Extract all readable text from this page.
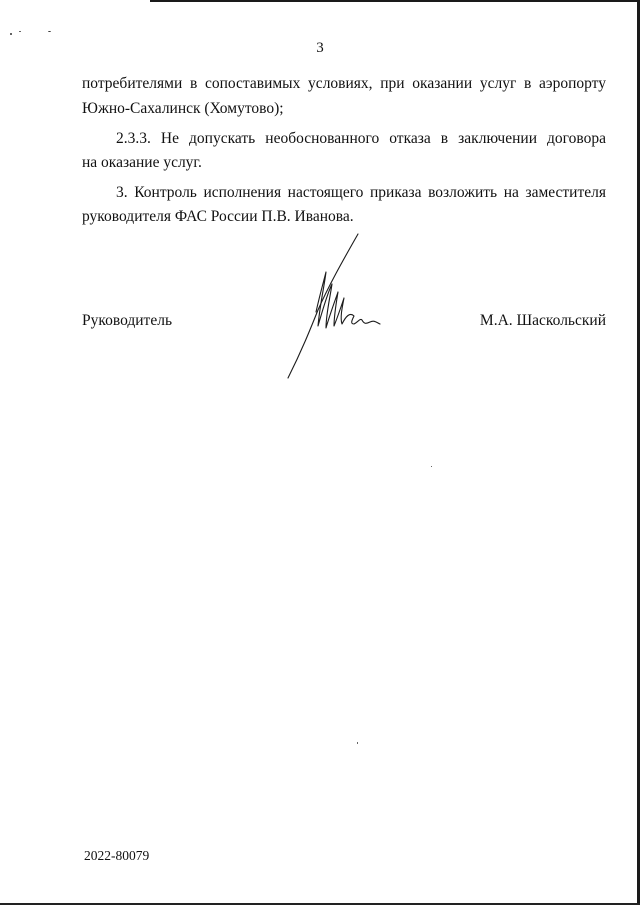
3
потребителями в сопоставимых условиях, при оказании услуг в аэропорту
Южно-Сахалинск (Хомутово);
2.3.3. Не допускать необоснованного отказа в заключении договора
на оказание услуг.
3. Контроль исполнения настоящего приказа возложить на заместителя
руководителя ФАС России П.В. Иванова.
Руководитель	М.А. Шаскольский
2022-80079
